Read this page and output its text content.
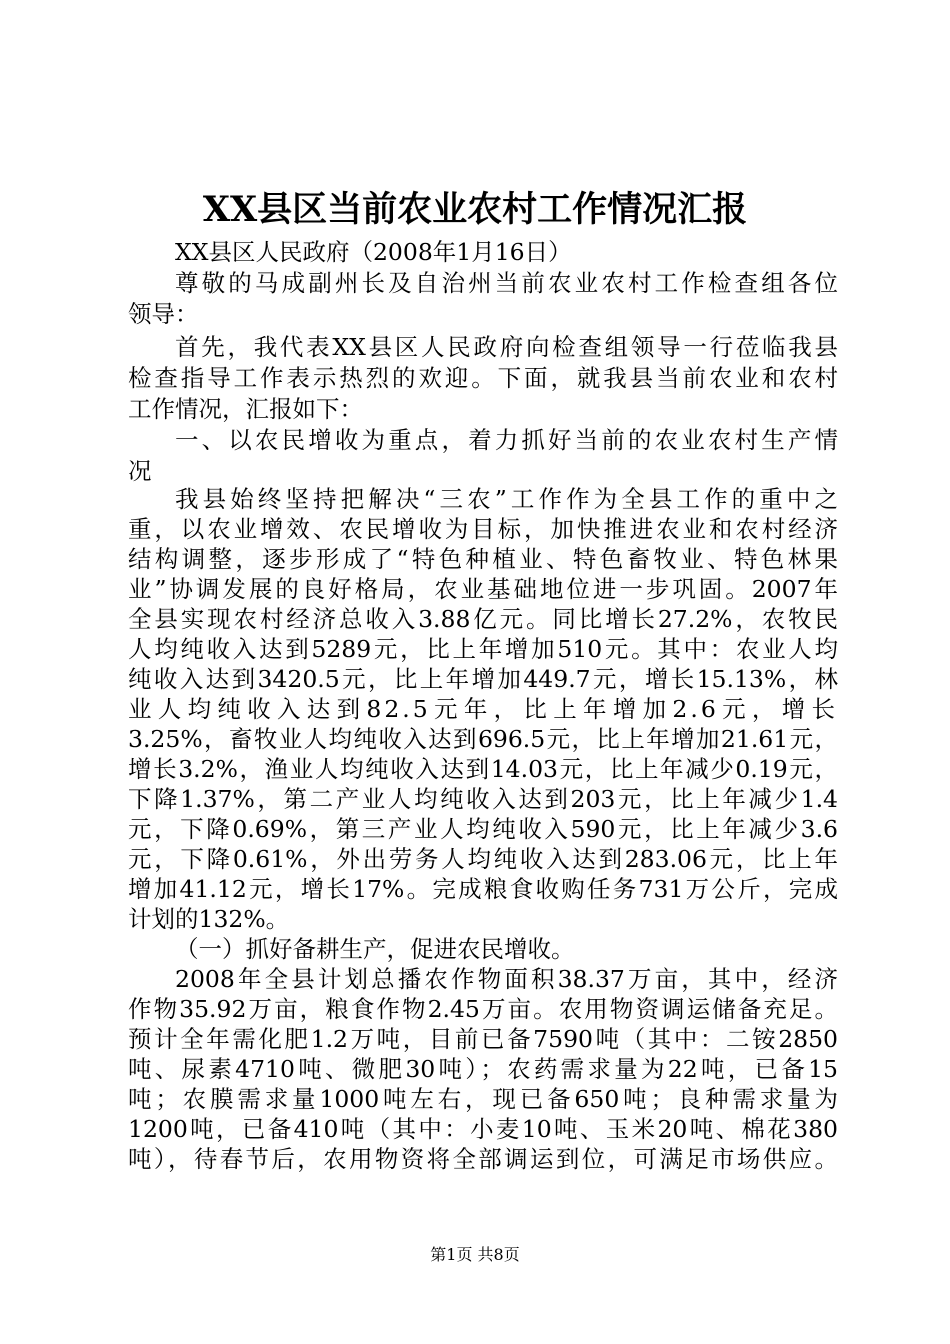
XX县区当前农业农村工作情况汇报

XX县区人民政府（2008年1月16日）

尊敬的马成副州长及自治州当前农业农村工作检查组各位

领导：

首先，我代表XX县区人民政府向检查组领导一行莅临我县

检查指导工作表示热烈的欢迎。下面，就我县当前农业和农村

工作情况，汇报如下：

一、以农民增收为重点，着力抓好当前的农业农村生产情

况

我县始终坚持把解决“三农”工作作为全县工作的重中之

重，以农业增效、农民增收为目标，加快推进农业和农村经济

结构调整，逐步形成了“特色种植业、特色畜牧业、特色林果

业”协调发展的良好格局，农业基础地位进一步巩固。2007年

全县实现农村经济总收入3.88亿元。同比增长27.2%，农牧民

人均纯收入达到5289元，比上年增加510元。其中：农业人均

纯收入达到3420.5元，比上年增加449.7元，增长15.13%，林

业人均纯收入达到82.5元年，比上年增加2.6元，增长

3.25%，畜牧业人均纯收入达到696.5元，比上年增加21.61元，

增长3.2%，渔业人均纯收入达到14.03元，比上年减少0.19元，

下降1.37%，第二产业人均纯收入达到203元，比上年减少1.4

元，下降0.69%，第三产业人均纯收入590元，比上年减少3.6

元，下降0.61%，外出劳务人均纯收入达到283.06元，比上年

增加41.12元，增长17%。完成粮食收购任务731万公斤，完成

计划的132%。

（一）抓好备耕生产，促进农民增收。

2008年全县计划总播农作物面积38.37万亩，其中，经济

作物35.92万亩，粮食作物2.45万亩。农用物资调运储备充足。

预计全年需化肥1.2万吨，目前已备7590吨（其中：二铵2850

吨、尿素4710吨、微肥30吨）；农药需求量为22吨，已备15

吨；农膜需求量1000吨左右，现已备650吨；良种需求量为

1200吨，已备410吨（其中：小麦10吨、玉米20吨、棉花380

吨），待春节后，农用物资将全部调运到位，可满足市场供应。

第1页 共8页
